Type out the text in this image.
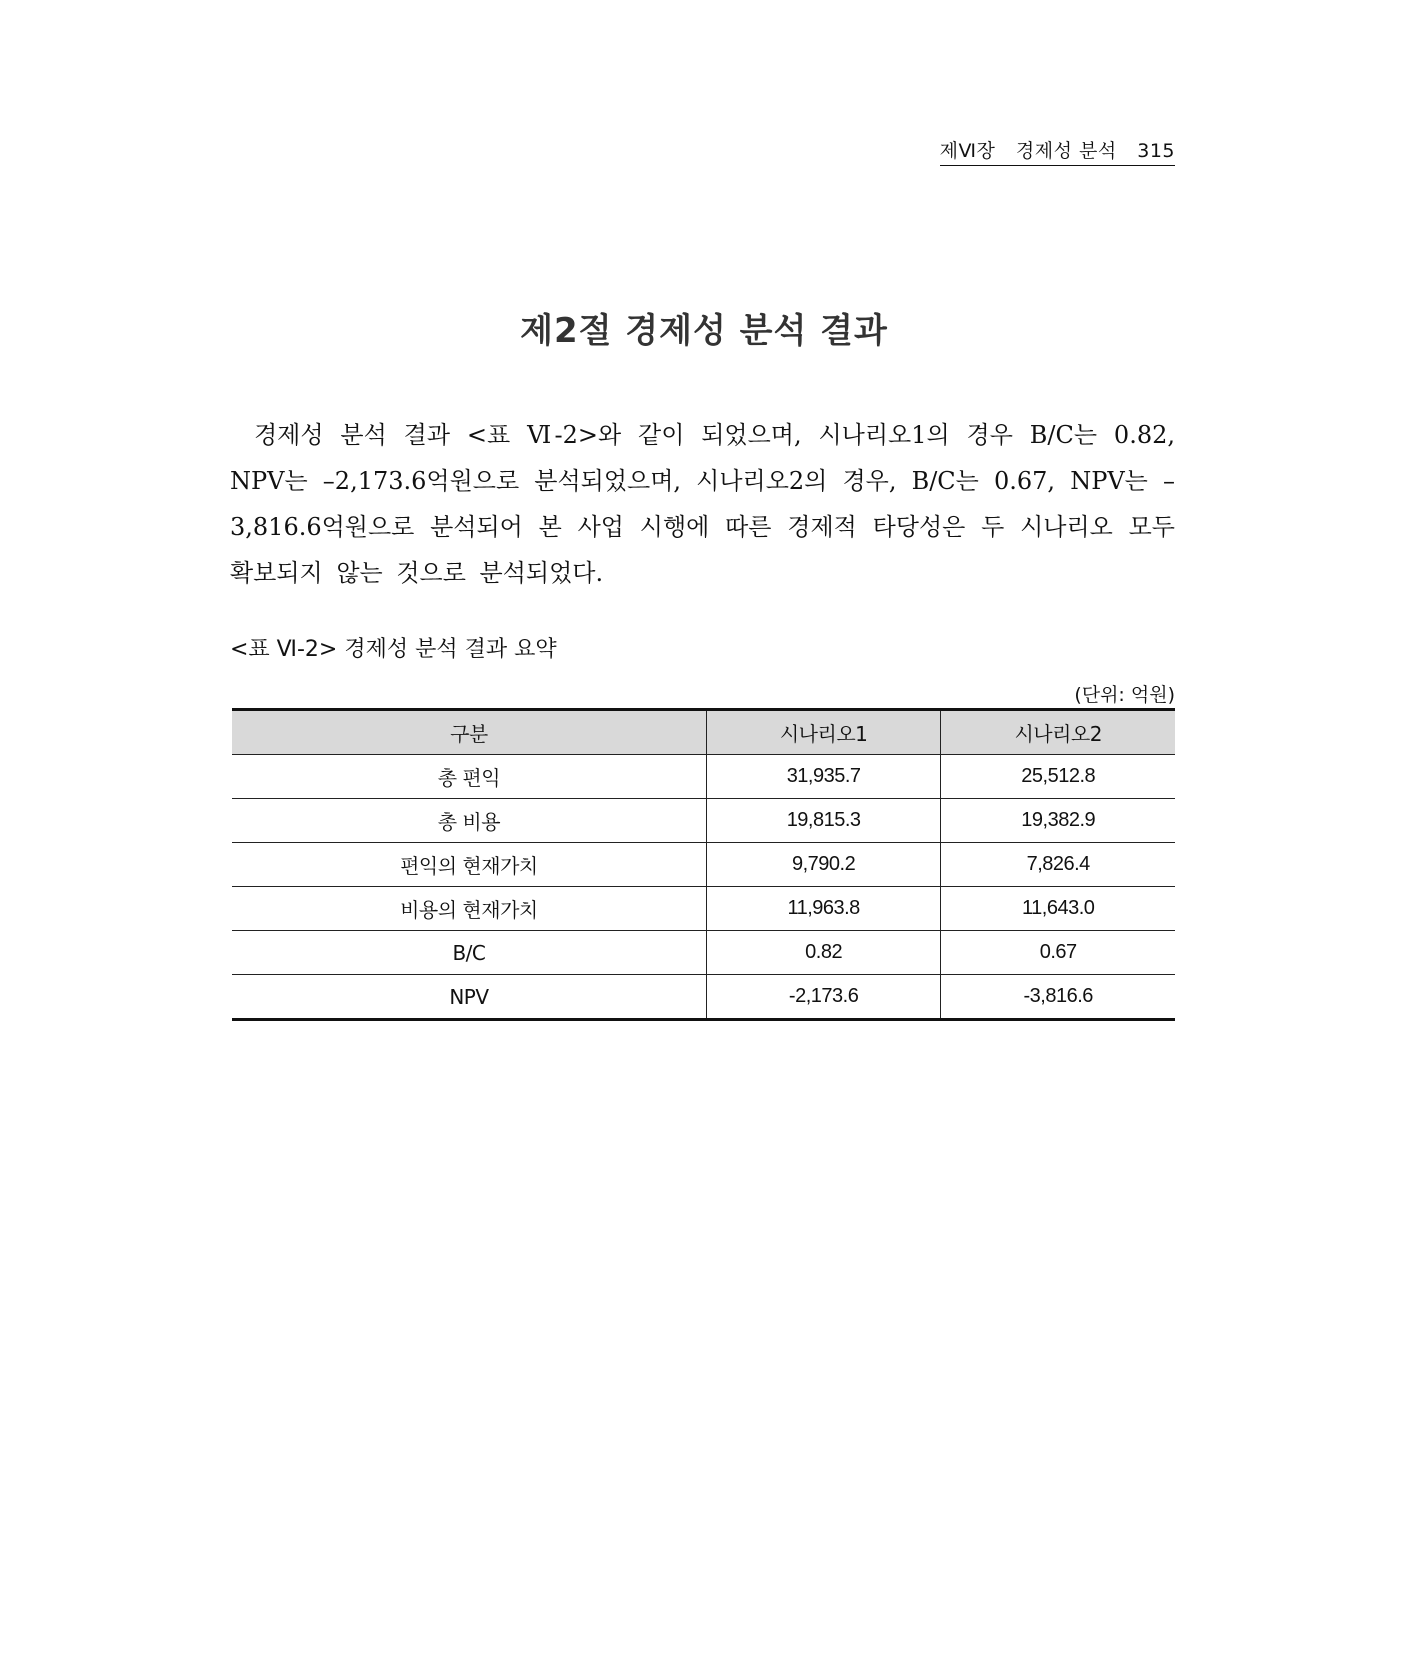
제Ⅵ장 경제성 분석 315
제2절 경제성 분석 결과

경제성 분석 결과 <표 Ⅵ-2>와 같이 되었으며, 시나리오1의 경우 B/C는 0.82, NPV는 –2,173.6억원으로 분석되었으며, 시나리오2의 경우, B/C는 0.67, NPV는 –3,816.6억원으로 분석되어 본 사업 시행에 따른 경제적 타당성은 두 시나리오 모두 확보되지 않는 것으로 분석되었다.

<표 Ⅵ-2> 경제성 분석 결과 요약
(단위: 억원)
구분	시나리오1	시나리오2
총 편익	31,935.7	25,512.8
총 비용	19,815.3	19,382.9
편익의 현재가치	9,790.2	7,826.4
비용의 현재가치	11,963.8	11,643.0
B/C	0.82	0.67
NPV	-2,173.6	-3,816.6
